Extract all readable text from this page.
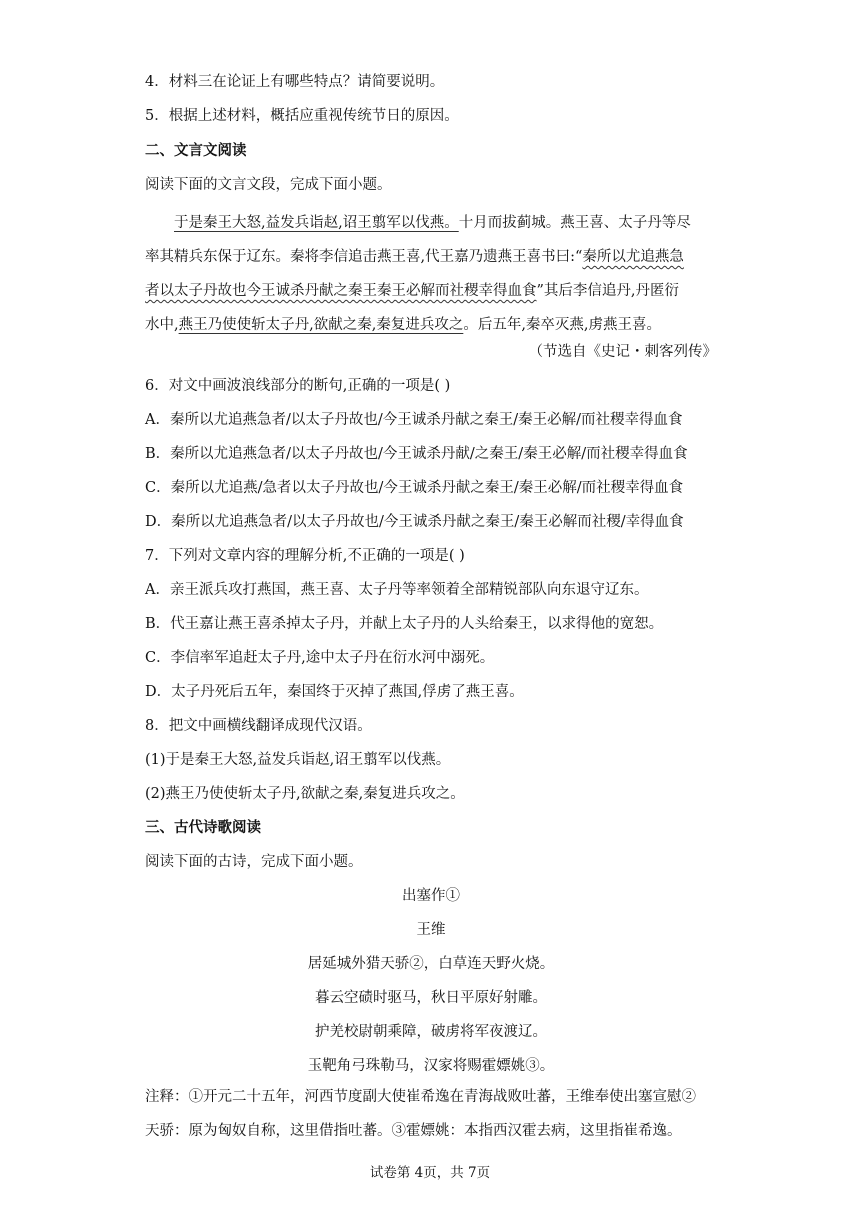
4．材料三在论证上有哪些特点？请简要说明。
5．根据上述材料，概括应重视传统节日的原因。
二、文言文阅读
阅读下面的文言文段，完成下面小题。
于是秦王大怒,益发兵诣赵,诏王翦军以伐燕。十月而拔蓟城。燕王喜、太子丹等尽
率其精兵东保于辽东。秦将李信追击燕王喜,代王嘉乃遗燕王喜书曰:“秦所以尤追燕急
者以太子丹故也今王诚杀丹献之秦王秦王必解而社稷幸得血食”其后李信追丹,丹匿衍
水中,燕王乃使使斩太子丹,欲献之秦,秦复进兵攻之。后五年,秦卒灭燕,虏燕王喜。
（节选自《史记・刺客列传》
6．对文中画波浪线部分的断句,正确的一项是( )
A．秦所以尤追燕急者/以太子丹故也/今王诚杀丹献之秦王/秦王必解/而社稷幸得血食
B．秦所以尤追燕急者/以太子丹故也/今王诚杀丹献/之秦王/秦王必解/而社稷幸得血食
C．秦所以尤追燕/急者以太子丹故也/今王诚杀丹献之秦王/秦王必解/而社稷幸得血食
D．秦所以尤追燕急者/以太子丹故也/今王诚杀丹献之秦王/秦王必解而社稷/幸得血食
7．下列对文章内容的理解分析,不正确的一项是( )
A．亲王派兵攻打燕国，燕王喜、太子丹等率领着全部精锐部队向东退守辽东。
B．代王嘉让燕王喜杀掉太子丹，并献上太子丹的人头给秦王，以求得他的宽恕。
C．李信率军追赶太子丹,途中太子丹在衍水河中溺死。
D．太子丹死后五年，秦国终于灭掉了燕国,俘虏了燕王喜。
8．把文中画横线翻译成现代汉语。
(1)于是秦王大怒,益发兵诣赵,诏王翦军以伐燕。
(2)燕王乃使使斩太子丹,欲献之秦,秦复进兵攻之。
三、古代诗歌阅读
阅读下面的古诗，完成下面小题。
出塞作①
王维
居延城外猎天骄②，白草连天野火烧。
暮云空碛时驱马，秋日平原好射雕。
护羌校尉朝乘障，破虏将军夜渡辽。
玉靶角弓珠勒马，汉家将赐霍嫖姚③。
注释：①开元二十五年，河西节度副大使崔希逸在青海战败吐蕃，王维奉使出塞宣慰②
天骄：原为匈奴自称，这里借指吐蕃。③霍嫖姚：本指西汉霍去病，这里指崔希逸。
试卷第 4页，共 7页
